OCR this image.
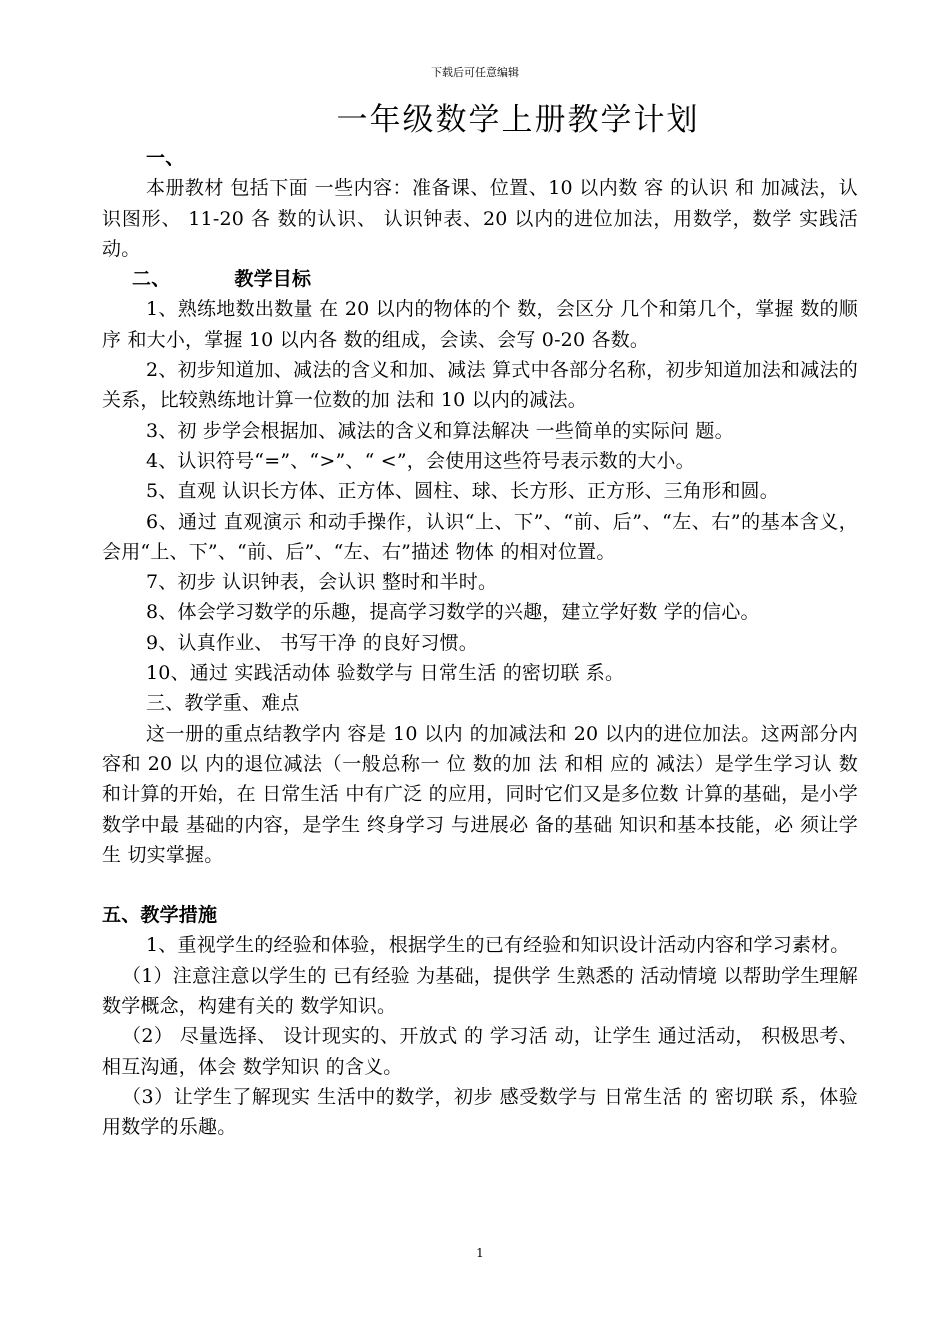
下载后可任意编辑
一年级数学上册教学计划

一、

本册教材 包括下面 一些内容：准备课、位置、10 以内数 容 的认识 和 加减法，认识图形、 11-20 各 数的认识、 认识钟表、20 以内的进位加法，用数学，数学 实践活动。

二、	教学目标

1、熟练地数出数量 在 20 以内的物体的个 数，会区分 几个和第几个，掌握 数的顺序 和大小，掌握 10 以内各 数的组成，会读、会写 0-20 各数。

2、初步知道加、减法的含义和加、减法 算式中各部分名称，初步知道加法和减法的关系，比较熟练地计算一位数的加 法和 10 以内的减法。

3、初 步学会根据加、减法的含义和算法解决 一些简单的实际问 题。

4、认识符号“=”、“>”、“ <”，会使用这些符号表示数的大小。

5、直观 认识长方体、正方体、圆柱、球、长方形、正方形、三角形和圆。

6、通过 直观演示 和动手操作，认识“上、下”、“前、后”、“左、右”的基本含义，会用“上、下”、“前、后”、“左、右”描述 物体 的相对位置。

7、初步 认识钟表，会认识 整时和半时。

8、体会学习数学的乐趣，提高学习数学的兴趣，建立学好数 学的信心。

9、认真作业、 书写干净 的良好习惯。

10、通过 实践活动体 验数学与 日常生活 的密切联 系。

三、教学重、难点

这一册的重点结教学内 容是 10 以内 的加减法和 20 以内的进位加法。这两部分内容和 20 以 内的退位减法（一般总称一 位 数的加 法 和相 应的 减法）是学生学习认 数和计算的开始，在 日常生活 中有广泛 的应用，同时它们又是多位数 计算的基础，是小学 数学中最 基础的内容，是学生 终身学习 与进展必 备的基础 知识和基本技能，必 须让学生 切实掌握。

五、教学措施

1、重视学生的经验和体验，根据学生的已有经验和知识设计活动内容和学习素材。

（1）注意注意以学生的 已有经验 为基础，提供学 生熟悉的 活动情境 以帮助学生理解数学概念，构建有关的 数学知识。

（2） 尽量选择、 设计现实的、开放式 的 学习活 动，让学生 通过活动， 积极思考、相互沟通，体会 数学知识 的含义。

（3）让学生了解现实 生活中的数学，初步 感受数学与 日常生活 的 密切联 系，体验 用数学的乐趣。

1
